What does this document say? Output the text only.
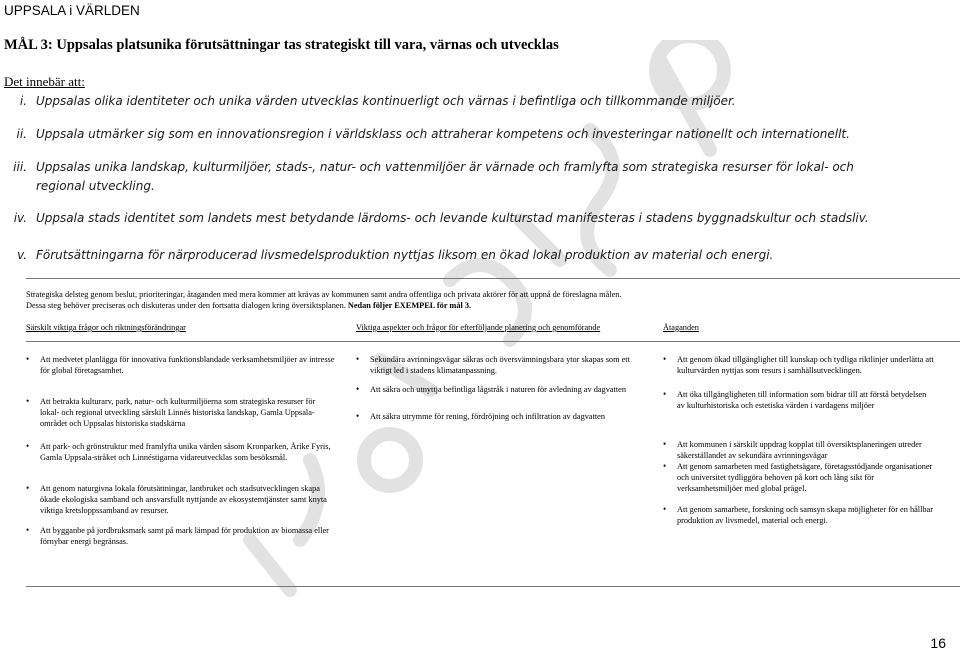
UPPSALA i VÄRLDEN
MÅL 3: Uppsalas platsunika förutsättningar tas strategiskt till vara, värnas och utvecklas
Det innebär att:
i. Uppsalas olika identiteter och unika värden utvecklas kontinuerligt och värnas i befintliga och tillkommande miljöer.
ii. Uppsala utmärker sig som en innovationsregion i världsklass och attraherar kompetens och investeringar nationellt och internationellt.
iii. Uppsalas unika landskap, kulturmiljöer, stads-, natur- och vattenmiljöer är värnade och framlyfta som strategiska resurser för lokal- och regional utveckling.
iv. Uppsala stads identitet som landets mest betydande lärdoms- och levande kulturstad manifesteras i stadens byggnadskultur och stadsliv.
v. Förutsättningarna för närproducerad livsmedelsproduktion nyttjas liksom en ökad lokal produktion av material och energi.
Strategiska delsteg genom beslut, prioriteringar, åtaganden med mera kommer att krävas av kommunen samt andra offentliga och privata aktörer för att uppnå de föreslagna målen.
Dessa steg behöver preciseras och diskuteras under den fortsatta dialogen kring översiktsplanen. Nedan följer EXEMPEL för mål 3.
Särskilt viktiga frågor och riktningsförändringar	Viktiga aspekter och frågor för efterföljande planering och genomförande	Åtaganden
• Att medvetet planlägga för innovativa funktionsblandade verksamhetsmiljöer av intresse för global företagsamhet.
• Att betrakta kulturarv, park, natur- och kulturmiljöerna som strategiska resurser för lokal- och regional utveckling särskilt Linnés historiska landskap, Gamla Uppsala-området och Uppsalas historiska stadskärna
• Att park- och grönstruktur med framlyfta unika värden såsom Kronparken, Årike Fyris, Gamla Uppsala-stråket och Linnéstigarna vidareutvecklas som besöksmål.
• Att genom naturgivna lokala förutsättningar, lantbruket och stadsutvecklingen skapa ökade ekologiska samband och ansvarsfullt nyttjande av ekosystemtjänster samt knyta viktiga kretsloppssamband av resurser.
• Att bygganbe på jordbruksmark samt på mark lämpad för produktion av biomassa eller förnybar energi begränsas.
• Sekundära avrinningsvägar säkras och översvämningsbara ytor skapas som ett viktigt led i stadens klimatanpassning.
• Att säkra och utnyttja befintliga lågstråk i naturen för avledning av dagvatten
• Att säkra utrymme för rening, fördröjning och infiltration av dagvatten
• Att genom ökad tillgänglighet till kunskap och tydliga riktlinjer underlätta att kulturvärden nyttjas som resurs i samhällsutvecklingen.
• Att öka tillgängligheten till information som bidrar till att förstå betydelsen av kulturhistoriska och estetiska värden i vardagens miljöer
• Att kommunen i särskilt uppdrag kopplat till översiktsplaneringen utreder säkerställandet av sekundära avrinningsvägar
• Att genom samarbeten med fastighetsägare, företagsstödjande organisationer och universitet tydliggöra behoven på kort och lång sikt för verksamhetsmiljöer med global prägel.
• Att genom samarbete, forskning och samsyn skapa möjligheter för en hållbar produktion av livsmedel, material och energi.
16
